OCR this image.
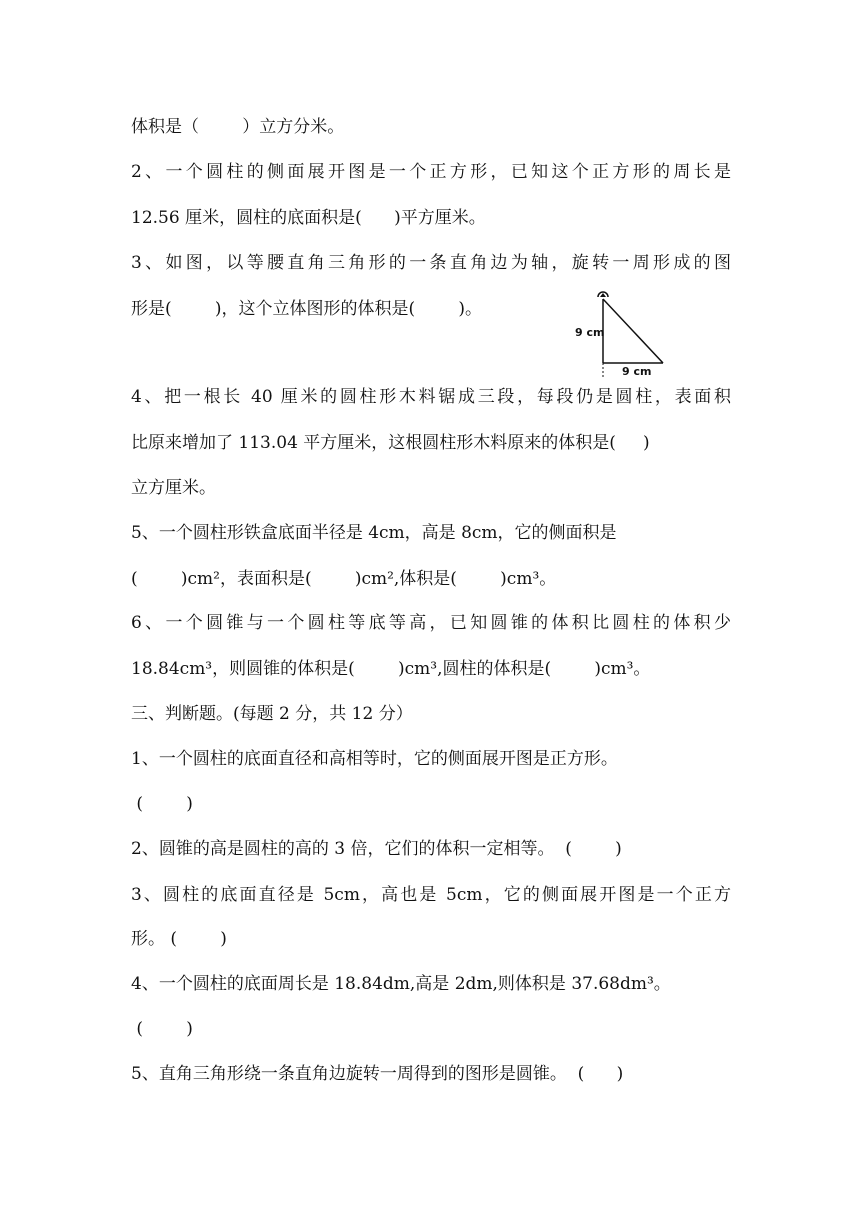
体积是（        ）立方分米。
2、一个圆柱的侧面展开图是一个正方形，已知这个正方形的周长是
12.56 厘米，圆柱的底面积是(      )平方厘米。
3、如图，以等腰直角三角形的一条直角边为轴，旋转一周形成的图
形是(        )，这个立体图形的体积是(        )。
9 cm
9 cm
4、把一根长 40 厘米的圆柱形木料锯成三段，每段仍是圆柱，表面积
比原来增加了 113.04 平方厘米，这根圆柱形木料原来的体积是(     )
立方厘米。
5、一个圆柱形铁盒底面半径是 4cm，高是 8cm，它的侧面积是
(        )cm²，表面积是(        )cm²,体积是(        )cm³。
6、一个圆锥与一个圆柱等底等高，已知圆锥的体积比圆柱的体积少
18.84cm³，则圆锥的体积是(        )cm³,圆柱的体积是(        )cm³。
三、判断题。(每题 2 分，共 12 分）
1、一个圆柱的底面直径和高相等时，它的侧面展开图是正方形。
(        )
2、圆锥的高是圆柱的高的 3 倍，它们的体积一定相等。  (        )
3、圆柱的底面直径是 5cm，高也是 5cm，它的侧面展开图是一个正方
形。 (        )
4、一个圆柱的底面周长是 18.84dm,高是 2dm,则体积是 37.68dm³。
(        )
5、直角三角形绕一条直角边旋转一周得到的图形是圆锥。  (      )
